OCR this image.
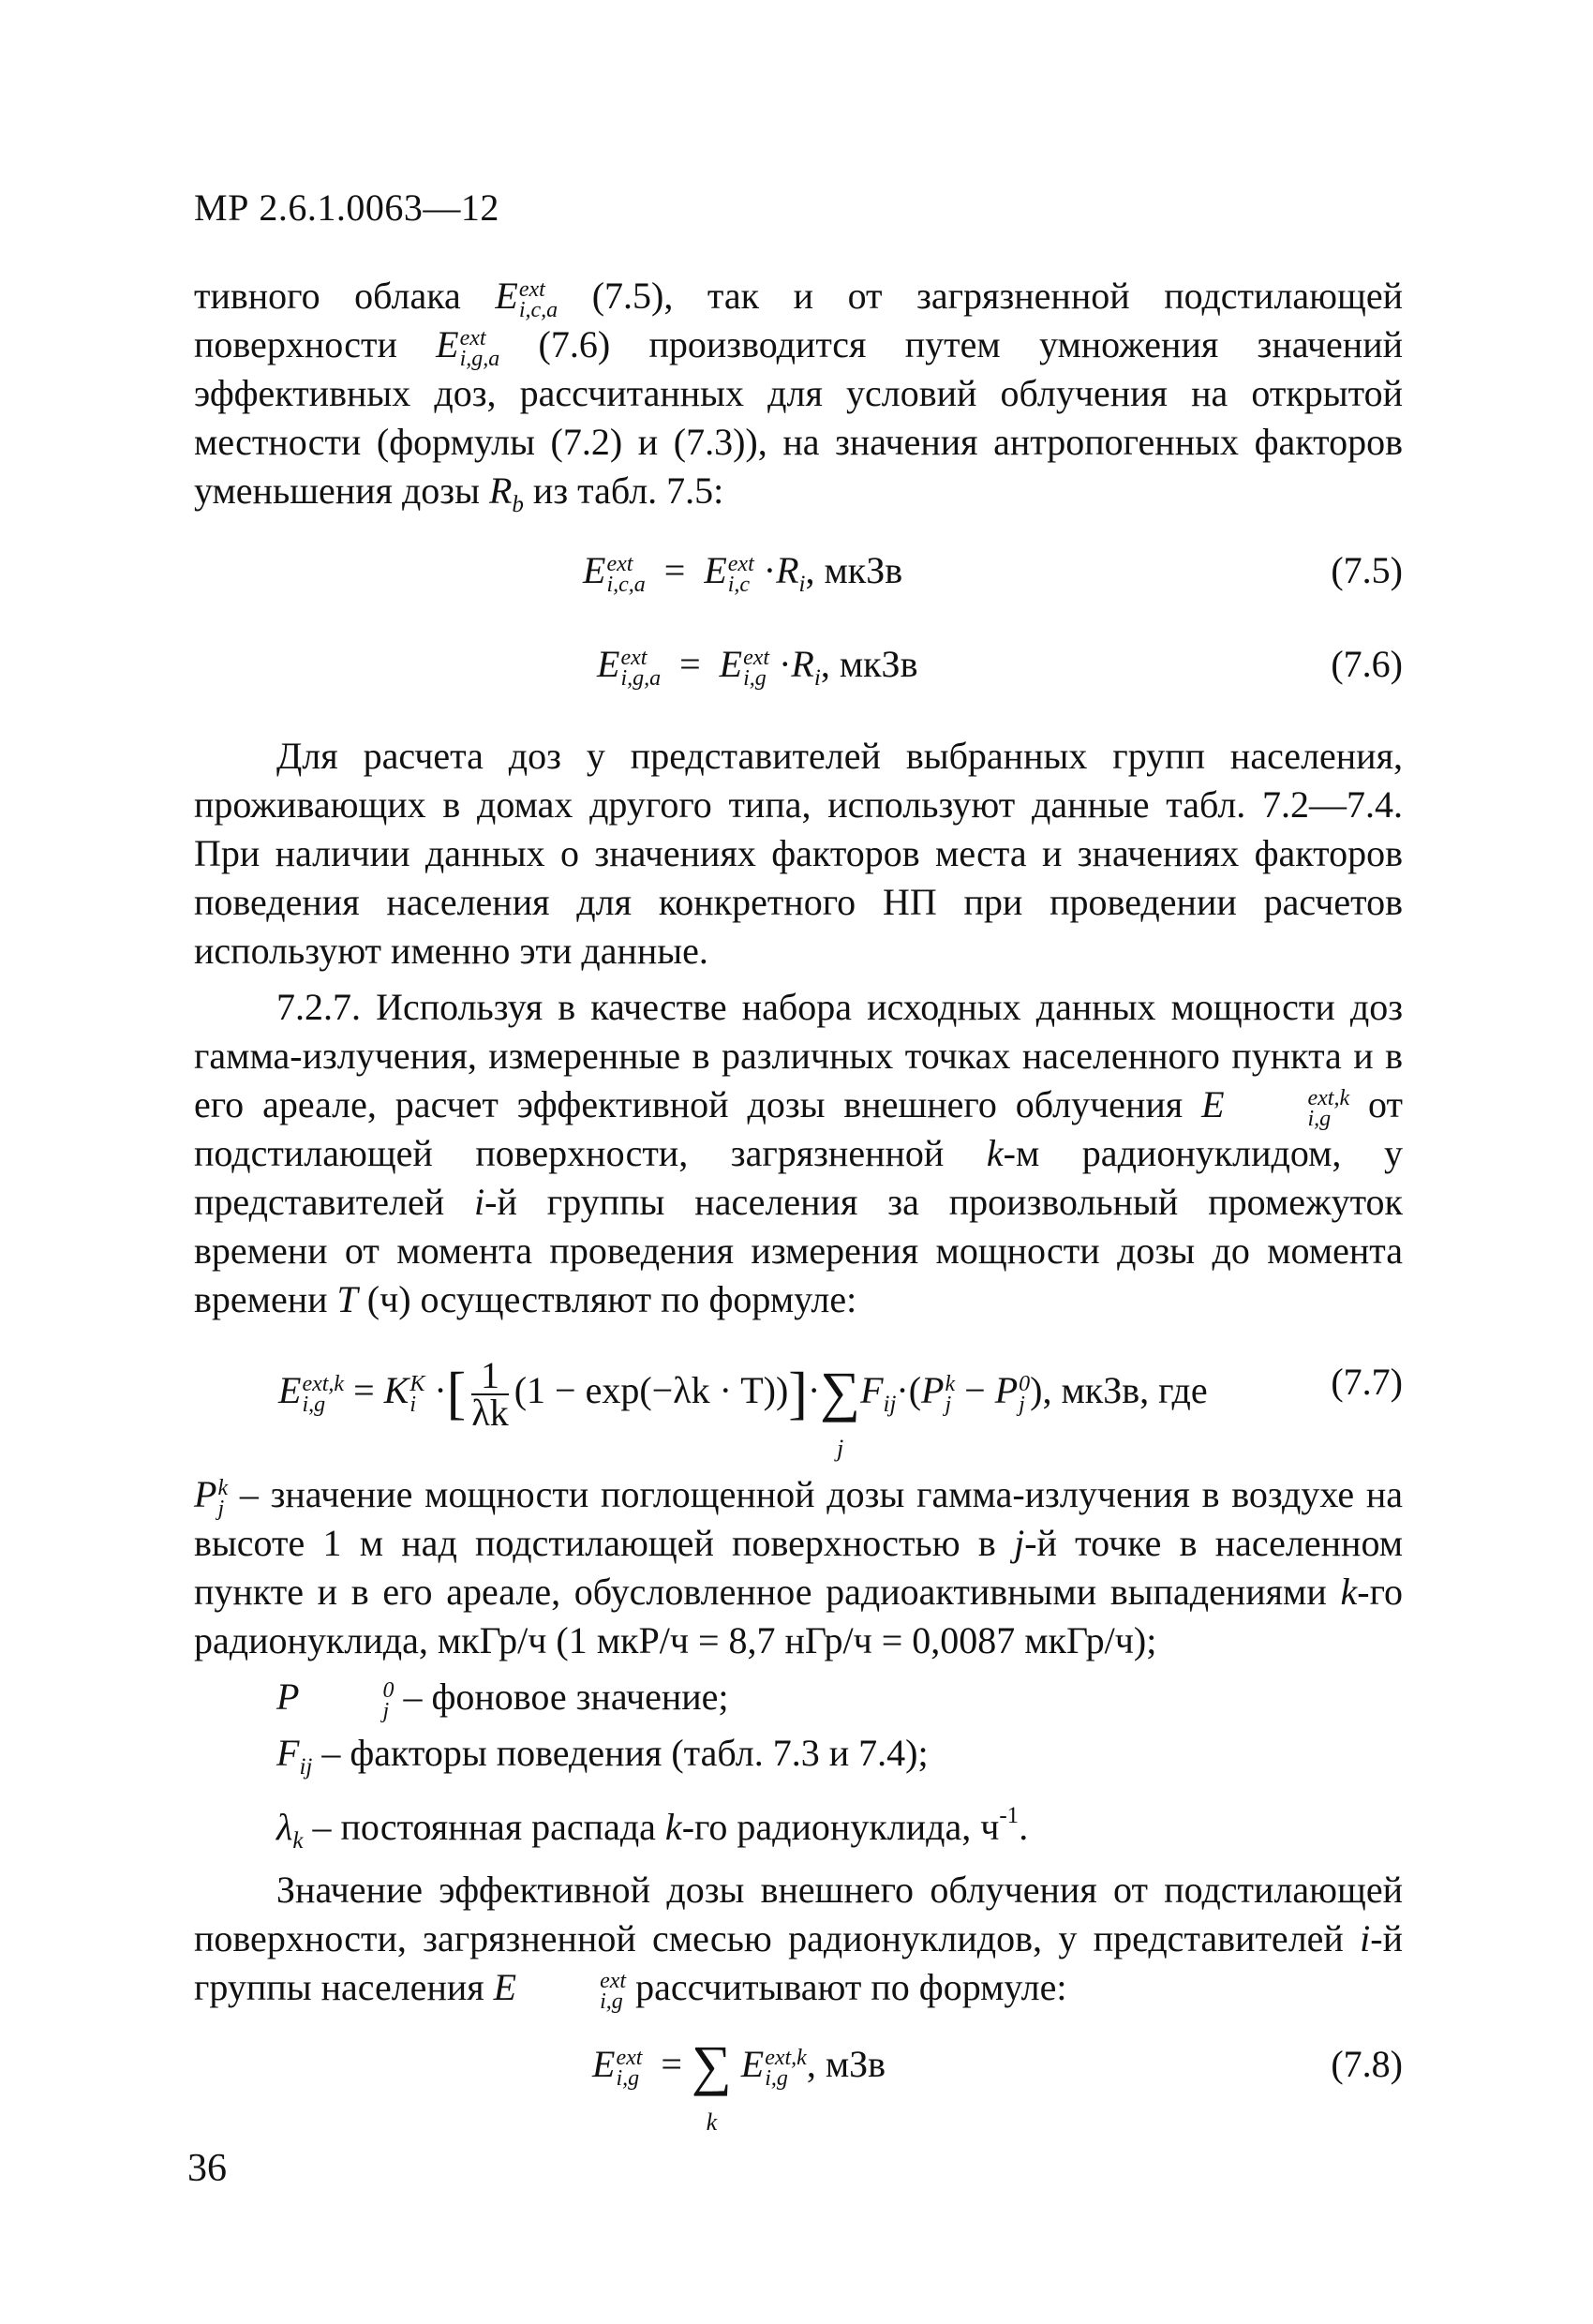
МР 2.6.1.0063—12

тивного облака E ext
i,c,a (7.5), так и от загрязненной подстилающей поверхности E ext
i,g,a (7.6) производится путем умножения значений эффективных доз, рассчитанных для условий облучения на открытой местности (формулы (7.2) и (7.3)), на значения антропогенных факторов уменьшения дозы $R_b$ из табл. 7.5:

E ext
i,c,a =  E ext
$i,c \cdot R_i$, мкЗв	(7.5)
E ext
i,g,a =  E ext
$i,g \cdot R_i$, мкЗв	(7.6)

Для расчета доз у представителей выбранных групп населения, проживающих в домах другого типа, используют данные табл. 7.2—7.4. При наличии данных о значениях факторов места и значениях факторов поведения населения для конкретного НП при проведении расчетов используют именно эти данные.

7.2.7. Используя в качестве набора исходных данных мощности доз гамма-излучения, измеренные в различных точках населенного пункта и в его ареале, расчет эффективной дозы внешнего облучения E	ext,k
i,g от подстилающей поверхности, загрязненной k-м радионуклидом, у представителей i-й группы населения за произвольный промежуток времени от момента проведения измерения мощности дозы до момента времени T (ч) осуществляют по формуле:

E ext,k
i,g = K K
i ·[ $\frac{1}{\lambda k} (1 - \exp(-\lambda k \cdot T))]\cdot\sum$
j
$F_{ij}\cdot(P$ k
j − P 0
j ), мкЗв, где	(7.7)

P k
j – значение мощности поглощенной дозы гамма-излучения в воздухе на высоте 1 м над подстилающей поверхностью в j-й точке в населенном пункте и в его ареале, обусловленное радиоактивными выпадениями k-го радионуклида, мкГр/ч (1 мкР/ч = 8,7 нГр/ч = 0,0087 мкГр/ч);

P	0
j – фоновое значение;

$F_{ij}$ – факторы поведения (табл. 7.3 и 7.4);

$\lambda_k$ – постоянная распада k-го радионуклида, $ч^{-1}$.

Значение эффективной дозы внешнего облучения от подстилающей поверхности, загрязненной смесью радионуклидов, у представителей i-й группы населения E	ext
i,g рассчитывают по формуле:

E ext
i,g = ∑
k
E ext,k
i,g , мЗв	(7.8)
36
